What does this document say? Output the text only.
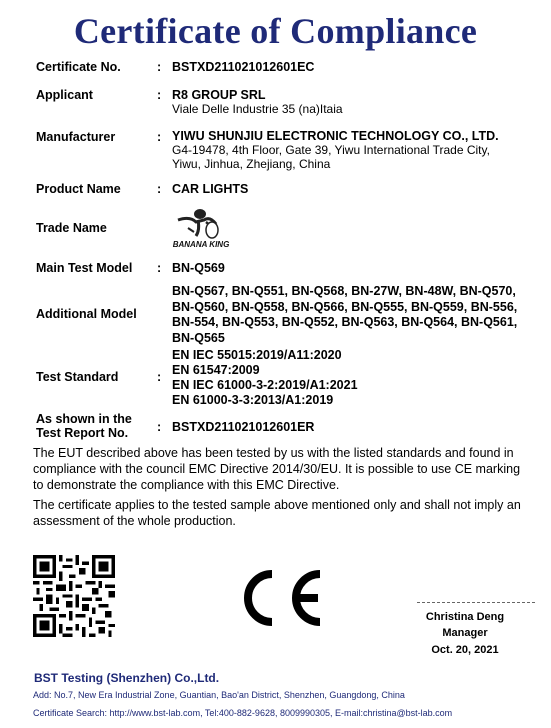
Certificate of Compliance
Certificate No.	: BSTXD211021012601EC
Applicant	: R8 GROUP SRL
Viale Delle Industrie 35 (na)Itaia
Manufacturer	: YIWU SHUNJIU ELECTRONIC TECHNOLOGY CO., LTD.
G4-19478, 4th Floor, Gate 39, Yiwu International Trade City,
Yiwu, Jinhua, Zhejiang, China
Product Name	: CAR LIGHTS
Trade Name
BANANA KING
Main Test Model : BN-Q569
Additional Model
BN-Q567, BN-Q551, BN-Q568, BN-27W, BN-48W, BN-Q570,
BN-Q560, BN-Q558, BN-Q566, BN-Q555, BN-Q559, BN-556,
BN-554, BN-Q553, BN-Q552, BN-Q563, BN-Q564, BN-Q561,
BN-Q565
Test Standard	:
EN IEC 55015:2019/A11:2020
EN 61547:2009
EN IEC 61000-3-2:2019/A1:2021
EN 61000-3-3:2013/A1:2019
As shown in the
Test Report No. : BSTXD211021012601ER
The EUT described above has been tested by us with the listed standards and found in compliance with the council EMC Directive 2014/30/EU. It is possible to use CE marking to demonstrate the compliance with this EMC Directive.
The certificate applies to the tested sample above mentioned only and shall not imply an assessment of the whole production.
Christina Deng
Manager
Oct. 20, 2021
BST Testing (Shenzhen) Co.,Ltd.
Add: No.7, New Era Industrial Zone, Guantian, Bao'an District, Shenzhen, Guangdong, China
Certificate Search: http://www.bst-lab.com, Tel:400-882-9628, 8009990305, E-mail:christina@bst-lab.com
